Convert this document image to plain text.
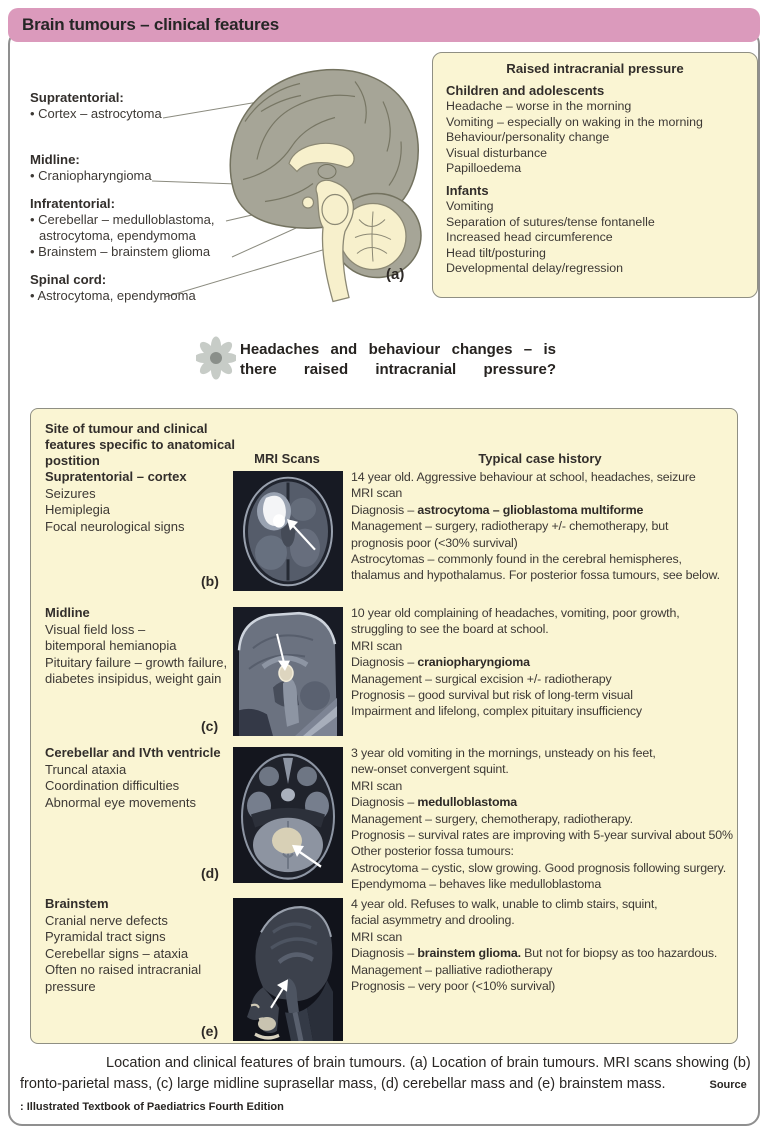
Brain tumours – clinical features
Supratentorial:
• Cortex – astrocytoma
Midline:
• Craniopharyngioma
Infratentorial:
• Cerebellar – medulloblastoma, astrocytoma, ependymoma
• Brainstem – brainstem glioma
Spinal cord:
• Astrocytoma, ependymoma
(a)
Raised intracranial pressure
Children and adolescents
Headache – worse in the morning
Vomiting – especially on waking in the morning
Behaviour/personality change
Visual disturbance
Papilloedema
Infants
Vomiting
Separation of sutures/tense fontanelle
Increased head circumference
Head tilt/posturing
Developmental delay/regression
Headaches and behaviour changes – is there raised intracranial pressure?
Site of tumour and clinical features specific to anatomical postition	MRI Scans	Typical case history
Supratentorial – cortex
Seizures
Hemiplegia
Focal neurological signs
(b)
14 year old. Aggressive behaviour at school, headaches, seizure
MRI scan
Diagnosis – astrocytoma – glioblastoma multiforme
Management – surgery, radiotherapy +/- chemotherapy, but
prognosis poor (<30% survival)
Astrocytomas – commonly found in the cerebral hemispheres,
thalamus and hypothalamus. For posterior fossa tumours, see below.
Midline
Visual field loss –
bitemporal hemianopia
Pituitary failure – growth failure,
diabetes insipidus, weight gain
(c)
10 year old complaining of headaches, vomiting, poor growth,
struggling to see the board at school.
MRI scan
Diagnosis – craniopharyngioma
Management – surgical excision +/- radiotherapy
Prognosis – good survival but risk of long-term visual
Impairment and lifelong, complex pituitary insufficiency
Cerebellar and IVth ventricle
Truncal ataxia
Coordination difficulties
Abnormal eye movements
(d)
3 year old vomiting in the mornings, unsteady on his feet,
new-onset convergent squint.
MRI scan
Diagnosis – medulloblastoma
Management – surgery, chemotherapy, radiotherapy.
Prognosis – survival rates are improving with 5-year survival about 50%
Other posterior fossa tumours:
Astrocytoma – cystic, slow growing. Good prognosis following surgery.
Ependymoma – behaves like medulloblastoma
Brainstem
Cranial nerve defects
Pyramidal tract signs
Cerebellar signs – ataxia
Often no raised intracranial
pressure
(e)
4 year old. Refuses to walk, unable to climb stairs, squint,
facial asymmetry and drooling.
MRI scan
Diagnosis – brainstem glioma. But not for biopsy as too hazardous.
Management – palliative radiotherapy
Prognosis – very poor (<10% survival)

Location and clinical features of brain tumours. (a) Location of brain tumours. MRI scans showing (b) fronto-parietal mass, (c) large midline suprasellar mass, (d) cerebellar mass and (e) brainstem mass.	Source : Illustrated Textbook of Paediatrics Fourth Edition
